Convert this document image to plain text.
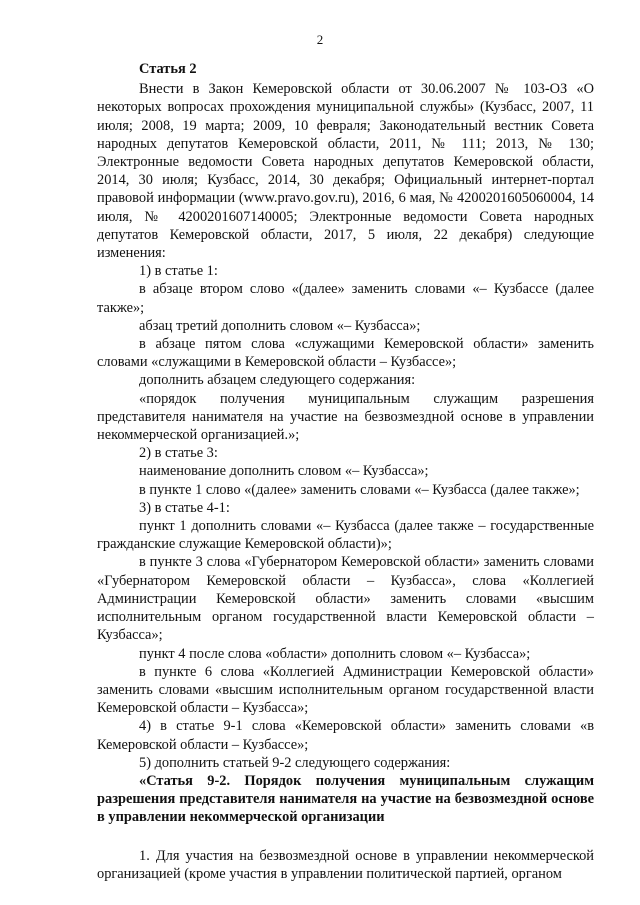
2

Статья 2

Внести в Закон Кемеровской области от 30.06.2007 № 103-ОЗ «О некоторых вопросах прохождения муниципальной службы» (Кузбасс, 2007, 11 июля; 2008, 19 марта; 2009, 10 февраля; Законодательный вестник Совета народных депутатов Кемеровской области, 2011, № 111; 2013, № 130; Электронные ведомости Совета народных депутатов Кемеровской области, 2014, 30 июля; Кузбасс, 2014, 30 декабря; Официальный интернет-портал правовой информации (www.pravo.gov.ru), 2016, 6 мая, № 4200201605060004, 14 июля, № 4200201607140005; Электронные ведомости Совета народных депутатов Кемеровской области, 2017, 5 июля, 22 декабря) следующие изменения:

1) в статье 1:

в абзаце втором слово «(далее» заменить словами «– Кузбассе (далее также»;

абзац третий дополнить словом «– Кузбасса»;

в абзаце пятом слова «служащими Кемеровской области» заменить словами «служащими в Кемеровской области – Кузбассе»;

дополнить абзацем следующего содержания:

«порядок получения муниципальным служащим разрешения представителя нанимателя на участие на безвозмездной основе в управлении некоммерческой организацией.»;

2) в статье 3:

наименование дополнить словом «– Кузбасса»;

в пункте 1 слово «(далее» заменить словами «– Кузбасса (далее также»;

3) в статье 4-1:

пункт 1 дополнить словами «– Кузбасса (далее также – государственные гражданские служащие Кемеровской области)»;

в пункте 3 слова «Губернатором Кемеровской области» заменить словами «Губернатором Кемеровской области – Кузбасса», слова «Коллегией Администрации Кемеровской области» заменить словами «высшим исполнительным органом государственной власти Кемеровской области – Кузбасса»;

пункт 4 после слова «области» дополнить словом «– Кузбасса»;

в пункте 6 слова «Коллегией Администрации Кемеровской области» заменить словами «высшим исполнительным органом государственной власти Кемеровской области – Кузбасса»;

4) в статье 9-1 слова «Кемеровской области» заменить словами «в Кемеровской области – Кузбассе»;

5) дополнить статьей 9-2 следующего содержания:

«Статья 9-2. Порядок получения муниципальным служащим разрешения представителя нанимателя на участие на безвозмездной основе в управлении некоммерческой организации

1. Для участия на безвозмездной основе в управлении некоммерческой организацией (кроме участия в управлении политической партией, органом
